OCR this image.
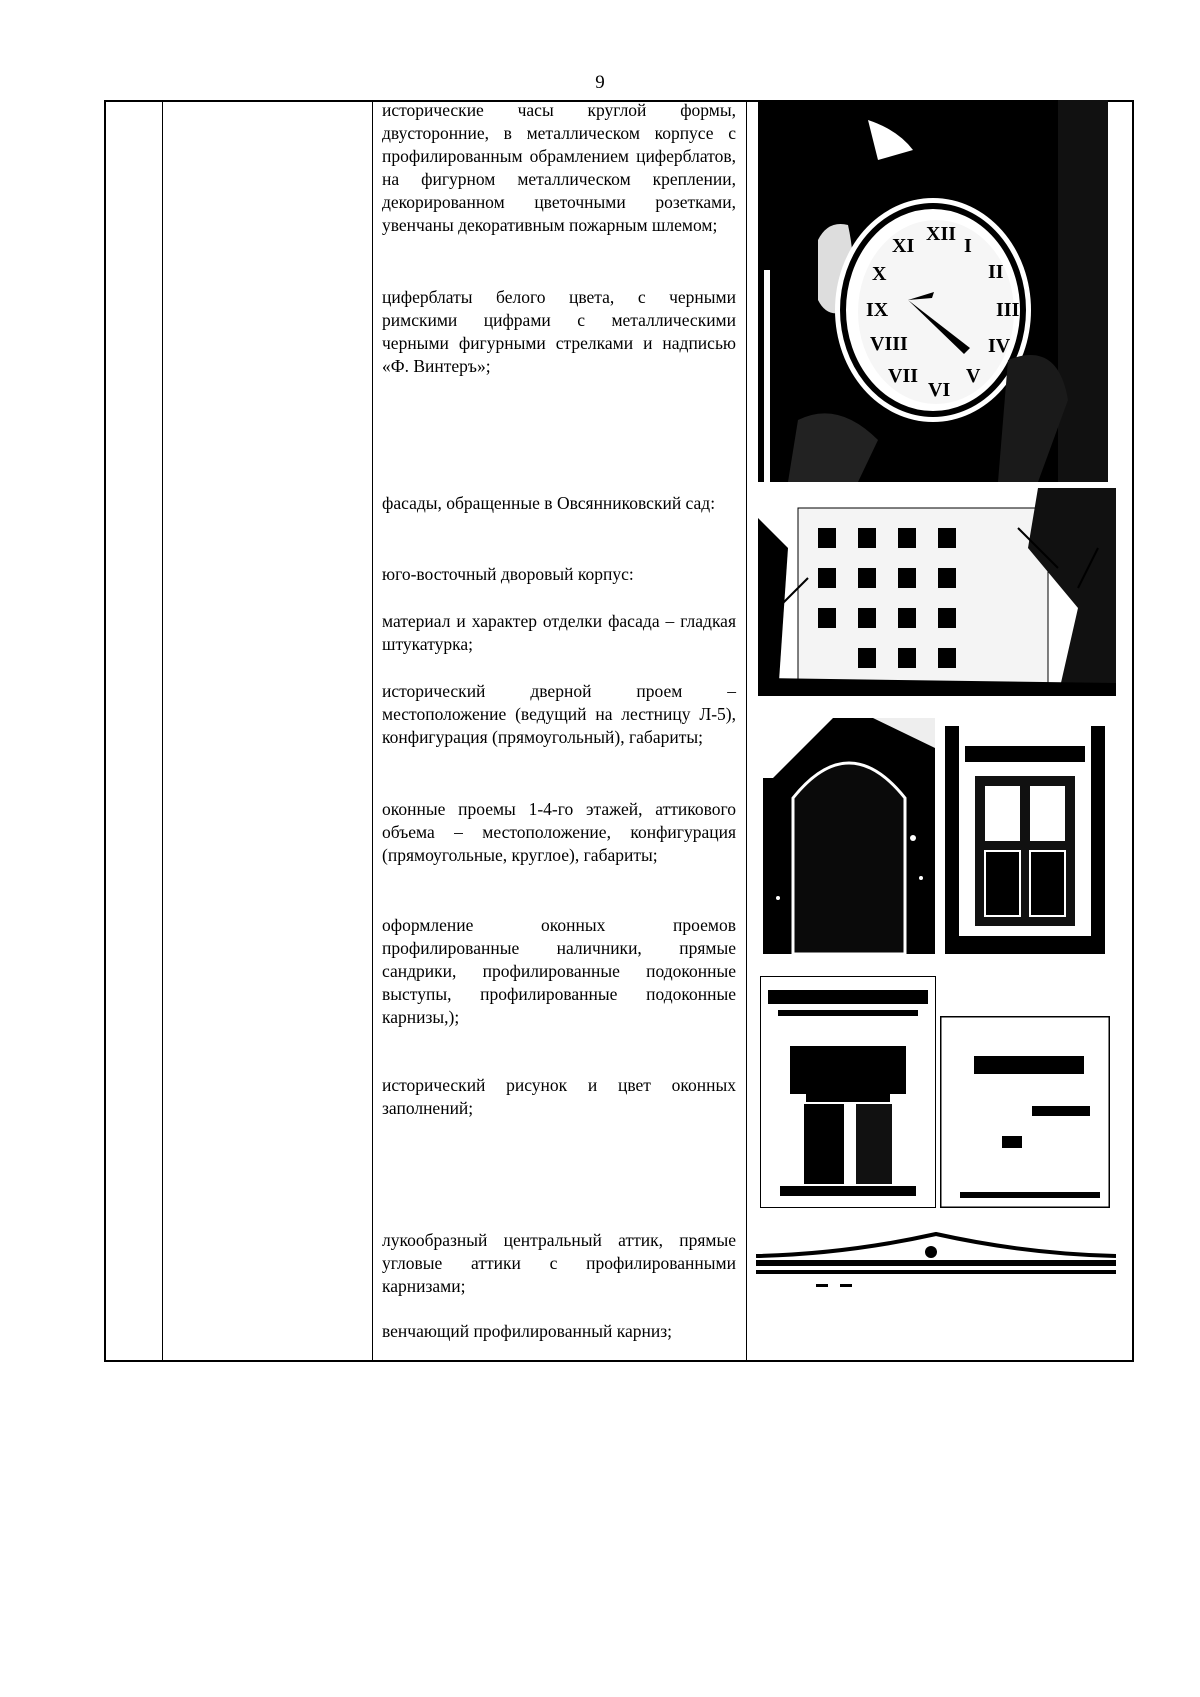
9

исторические часы круглой формы, двусторонние, в металлическом корпусе с профилированным обрамлением циферблатов, на фигурном металлическом креплении, декорированном цветочными розетками, увенчаны декоративным пожарным шлемом;

циферблаты белого цвета, с черными римскими цифрами с металлическими черными фигурными стрелками и надписью «Ф. Винтеръ»;

фасады, обращенные в Овсянниковский сад:

юго-восточный дворовый корпус:

материал и характер отделки фасада – гладкая штукатурка;

исторический дверной проем – местоположение (ведущий на лестницу Л-5), конфигурация (прямоугольный), габариты;

оконные проемы 1-4-го этажей, аттикового объема – местоположение, конфигурация (прямоугольные, круглое), габариты;

оформление оконных проемов профилированные наличники, прямые сандрики, профилированные подоконные выступы, профилированные подоконные карнизы,);

исторический рисунок и цвет оконных заполнений;

лукообразный центральный аттик, прямые угловые аттики с профилированными карнизами;

венчающий профилированный карниз;

XII
I
II
III
IV
V
VI
VII
VIII
IX
X
XI
